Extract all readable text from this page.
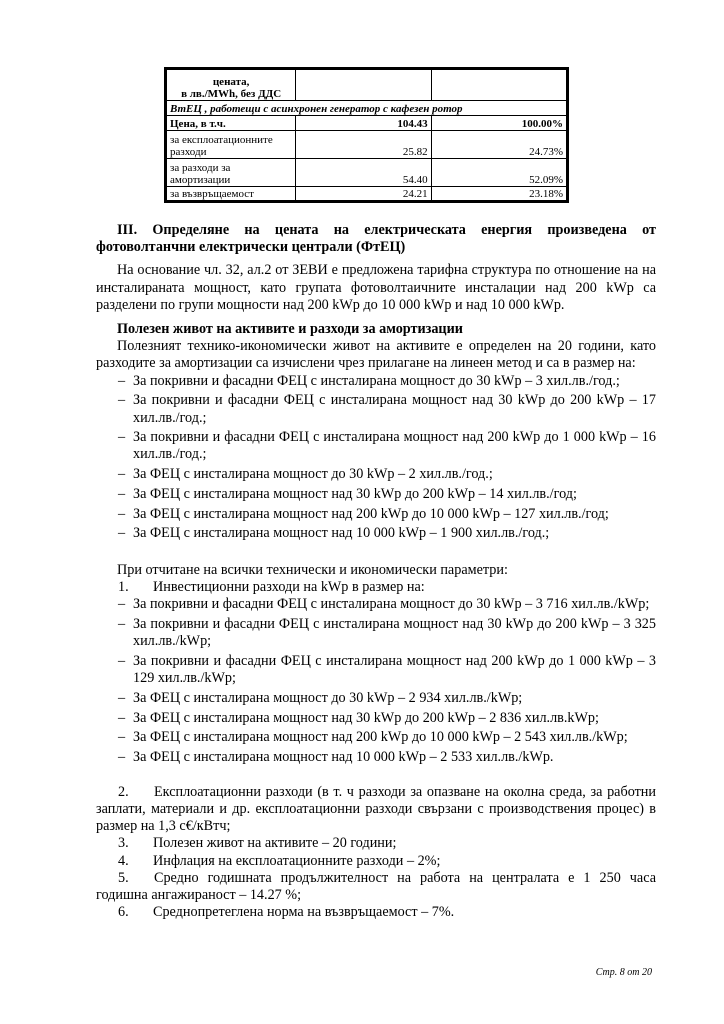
цената,
в лв./MWh, без ДДС		
ВтЕЦ , работещи с асинхронен генератор с кафезен ротор		
Цена, в т.ч.	104.43	100.00%
за експлоатационните разходи	25.82	24.73%
за разходи за амортизации	54.40	52.09%
за възвръщаемост	24.21	23.18%

III. Определяне на цената на електрическата енергия произведена от фотоволтанчни електрически централи (ФтЕЦ)

На основание чл. 32, ал.2 от ЗЕВИ е предложена тарифна структура по отношение на на инсталираната мощност, като групата фотоволтаичните инсталации над 200 kWp са разделени по групи мощности над 200 kWp до 10 000 kWp и над 10 000 kWp.

Полезен живот на активите и разходи за амортизации

Полезният технико-икономически живот на активите е определен на 20 години, като разходите за амортизации са изчислени чрез прилагане на линеен метод и са в размер на:

– За покривни и фасадни ФЕЦ с инсталирана мощност до 30 kWp – 3 хил.лв./год.;
– За покривни и фасадни ФЕЦ с инсталирана мощност над 30 kWp до 200 kWp – 17 хил.лв./год.;
– За покривни и фасадни ФЕЦ с инсталирана мощност над 200 kWp до 1 000 kWp – 16 хил.лв./год.;
– За ФЕЦ с инсталирана мощност до 30 kWp – 2 хил.лв./год.;
– За ФЕЦ с инсталирана мощност над 30 kWp до 200 kWp – 14 хил.лв./год;
– За ФЕЦ с инсталирана мощност над 200 kWp до 10 000 kWp – 127 хил.лв./год;
– За ФЕЦ с инсталирана мощност над 10 000 kWp – 1 900 хил.лв./год.;

При отчитане на всички технически и икономически параметри:

1. Инвестиционни разходи на kWp в размер на:
– За покривни и фасадни ФЕЦ с инсталирана мощност до 30 kWp – 3 716 хил.лв./kWp;
– За покривни и фасадни ФЕЦ с инсталирана мощност над 30 kWp до 200 kWp – 3 325 хил.лв./kWp;
– За покривни и фасадни ФЕЦ с инсталирана мощност над 200 kWp до 1 000 kWp – 3 129 хил.лв./kWp;
– За ФЕЦ с инсталирана мощност до 30 kWp – 2 934 хил.лв./kWp;
– За ФЕЦ с инсталирана мощност над 30 kWp до 200 kWp – 2 836 хил.лв.kWp;
– За ФЕЦ с инсталирана мощност над 200 kWp до 10 000 kWp – 2 543 хил.лв./kWp;
– За ФЕЦ с инсталирана мощност над 10 000 kWp – 2 533 хил.лв./kWp.
2. Експлоатационни разходи (в т. ч разходи за опазване на околна среда, за работни заплати, материали и др. експлоатационни разходи свързани с производствения процес) в размер на 1,3 с€/кВтч;
3. Полезен живот на активите – 20 години;
4. Инфлация на експлоатационните разходи – 2%;
5. Средно годишната продължителност на работа на централата е 1 250 часа годишна ангажираност – 14.27 %;
6. Среднопретеглена норма на възвръщаемост – 7%.
Стр. 8 от 20
